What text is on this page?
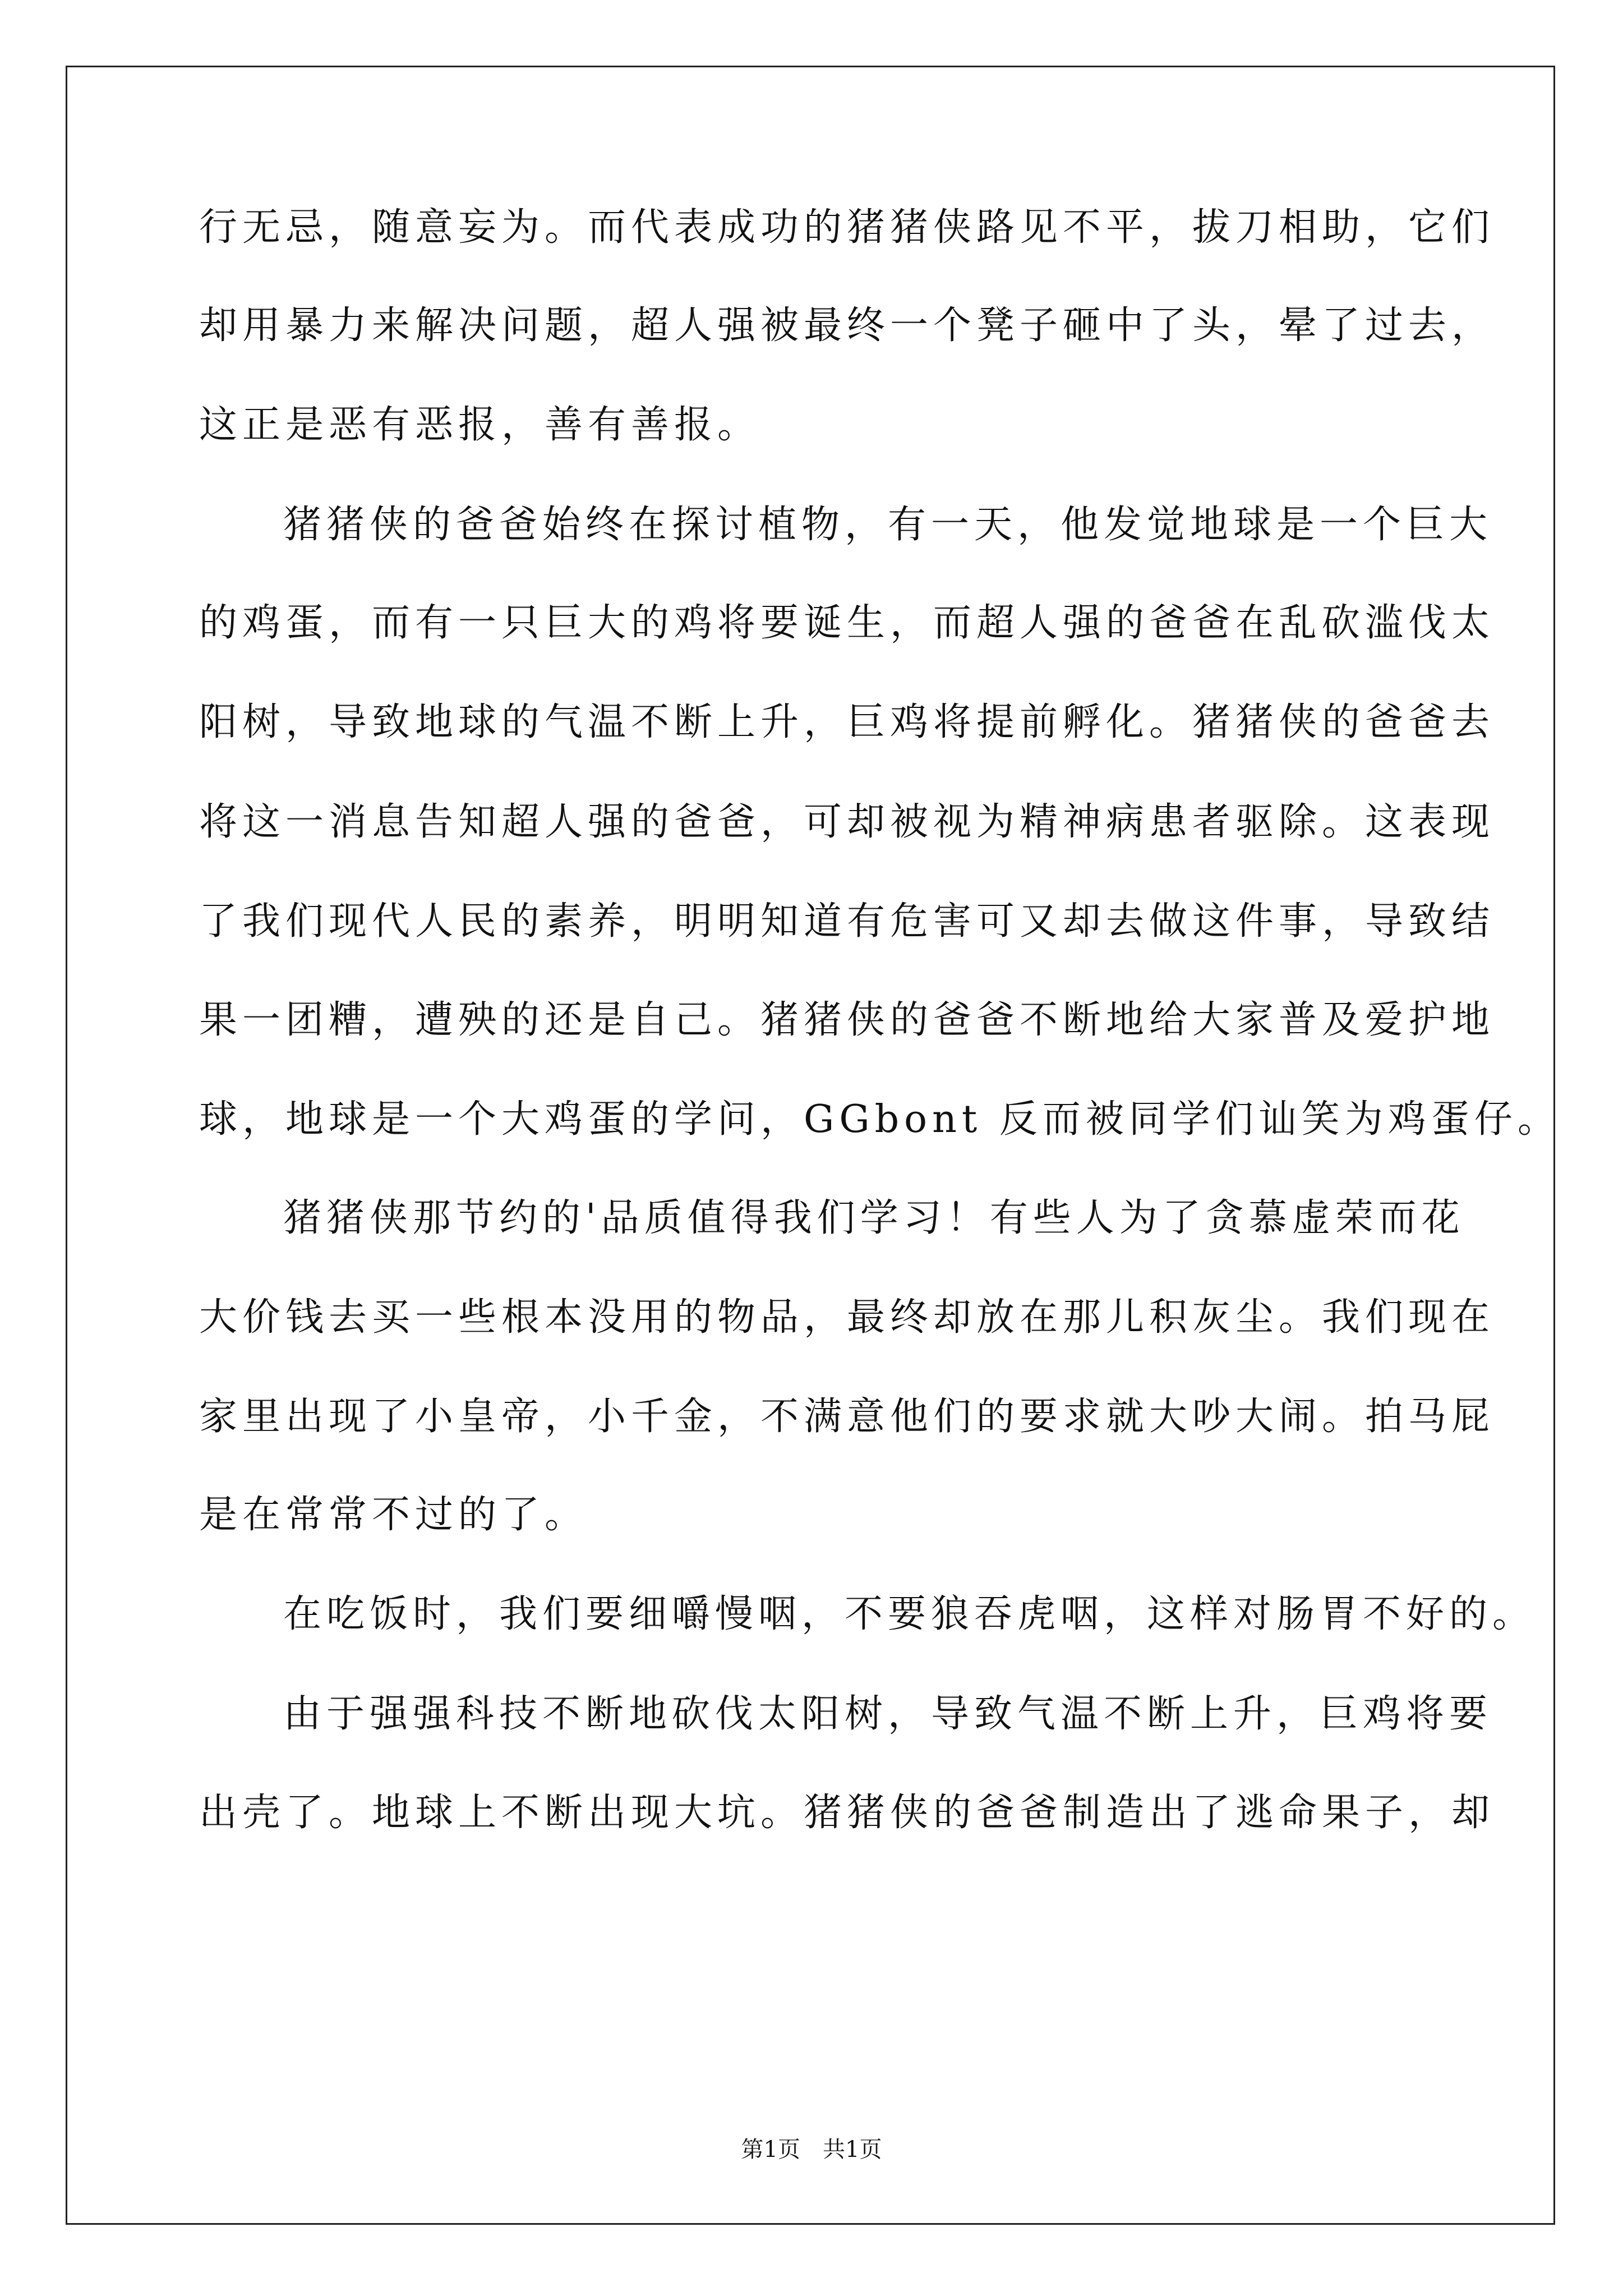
行无忌，随意妄为。而代表成功的猪猪侠路见不平，拔刀相助，它们
却用暴力来解决问题，超人强被最终一个凳子砸中了头，晕了过去，
这正是恶有恶报，善有善报。
猪猪侠的爸爸始终在探讨植物，有一天，他发觉地球是一个巨大
的鸡蛋，而有一只巨大的鸡将要诞生，而超人强的爸爸在乱砍滥伐太
阳树，导致地球的气温不断上升，巨鸡将提前孵化。猪猪侠的爸爸去
将这一消息告知超人强的爸爸，可却被视为精神病患者驱除。这表现
了我们现代人民的素养，明明知道有危害可又却去做这件事，导致结
果一团糟，遭殃的还是自己。猪猪侠的爸爸不断地给大家普及爱护地
球，地球是一个大鸡蛋的学问，GGbont 反而被同学们讪笑为鸡蛋仔。
猪猪侠那节约的'品质值得我们学习！有些人为了贪慕虚荣而花
大价钱去买一些根本没用的物品，最终却放在那儿积灰尘。我们现在
家里出现了小皇帝，小千金，不满意他们的要求就大吵大闹。拍马屁
是在常常不过的了。
在吃饭时，我们要细嚼慢咽，不要狼吞虎咽，这样对肠胃不好的。
由于强强科技不断地砍伐太阳树，导致气温不断上升，巨鸡将要
出壳了。地球上不断出现大坑。猪猪侠的爸爸制造出了逃命果子，却
第1页　共1页
